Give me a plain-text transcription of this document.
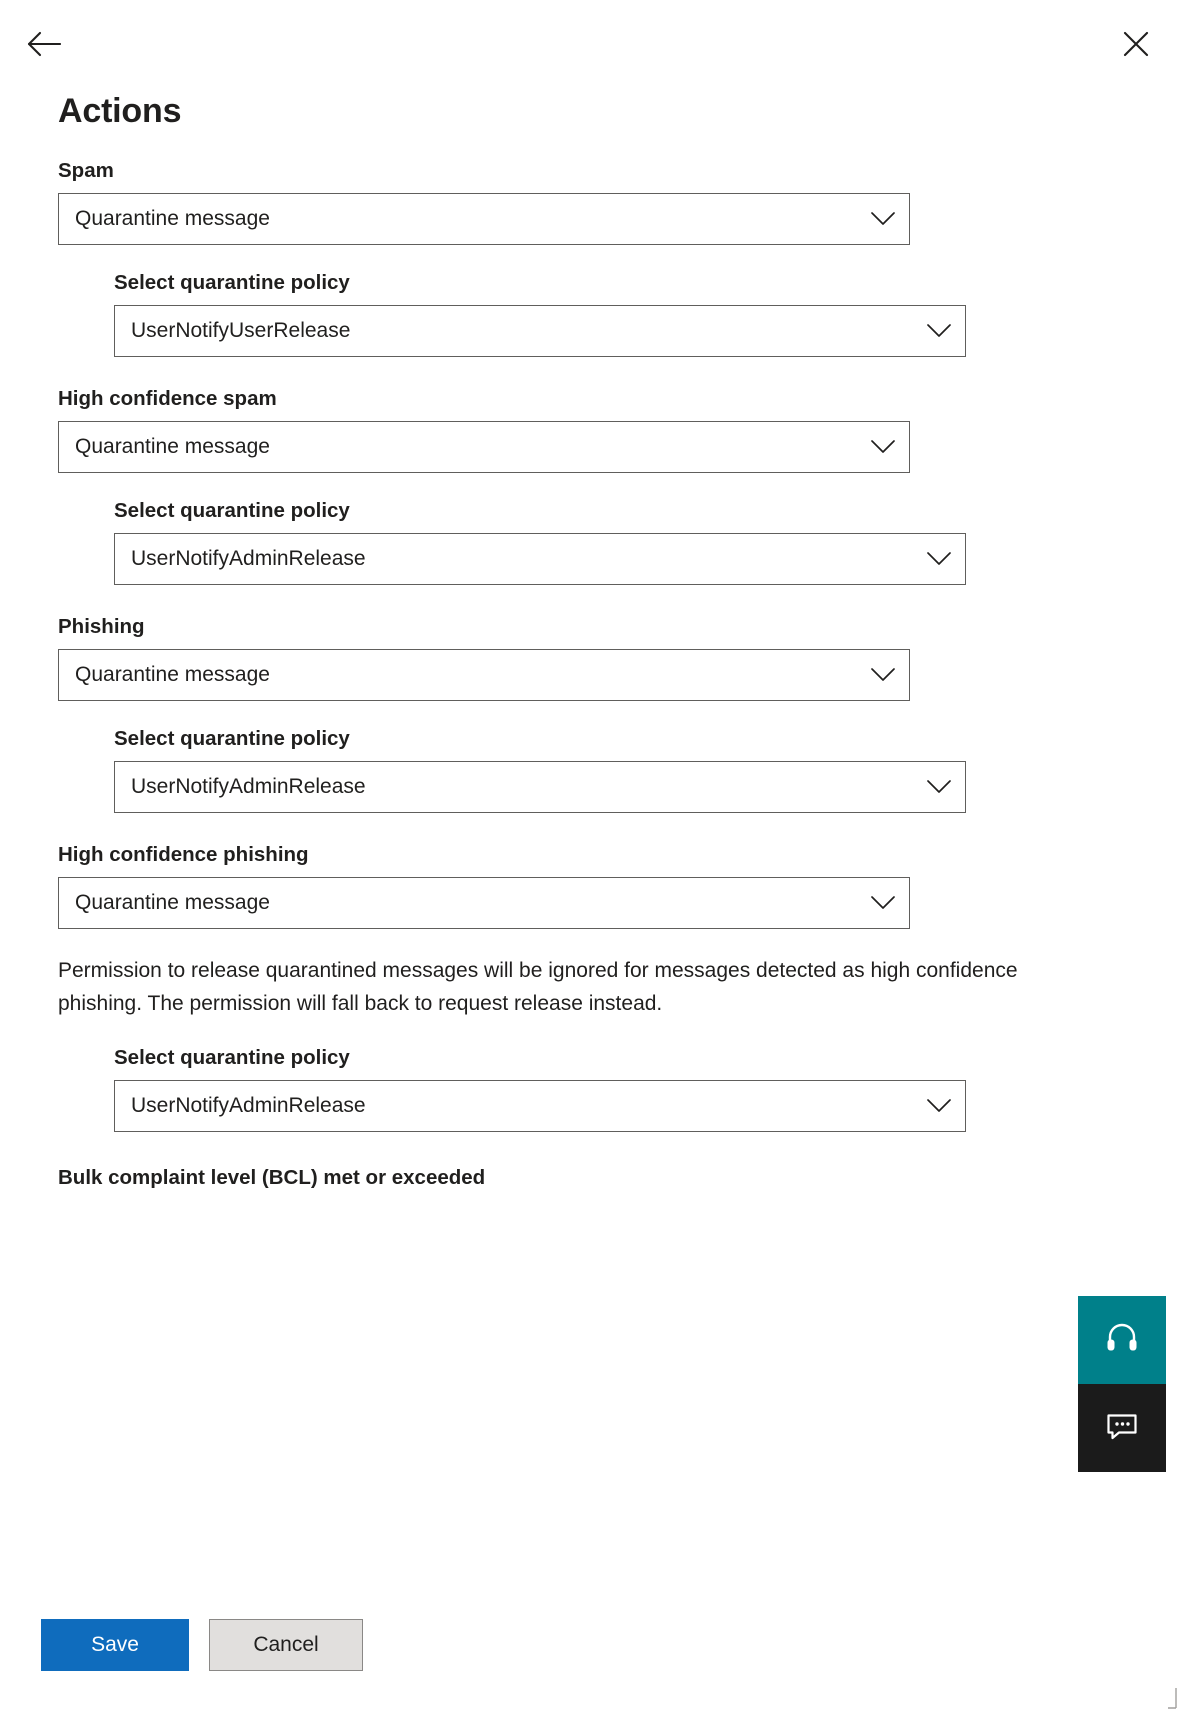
Actions
Spam
Quarantine message
Select quarantine policy
UserNotifyUserRelease
High confidence spam
Quarantine message
Select quarantine policy
UserNotifyAdminRelease
Phishing
Quarantine message
Select quarantine policy
UserNotifyAdminRelease
High confidence phishing
Quarantine message
Permission to release quarantined messages will be ignored for messages detected as high confidence phishing. The permission will fall back to request release instead.
Select quarantine policy
UserNotifyAdminRelease
Bulk complaint level (BCL) met or exceeded
Save	Cancel
